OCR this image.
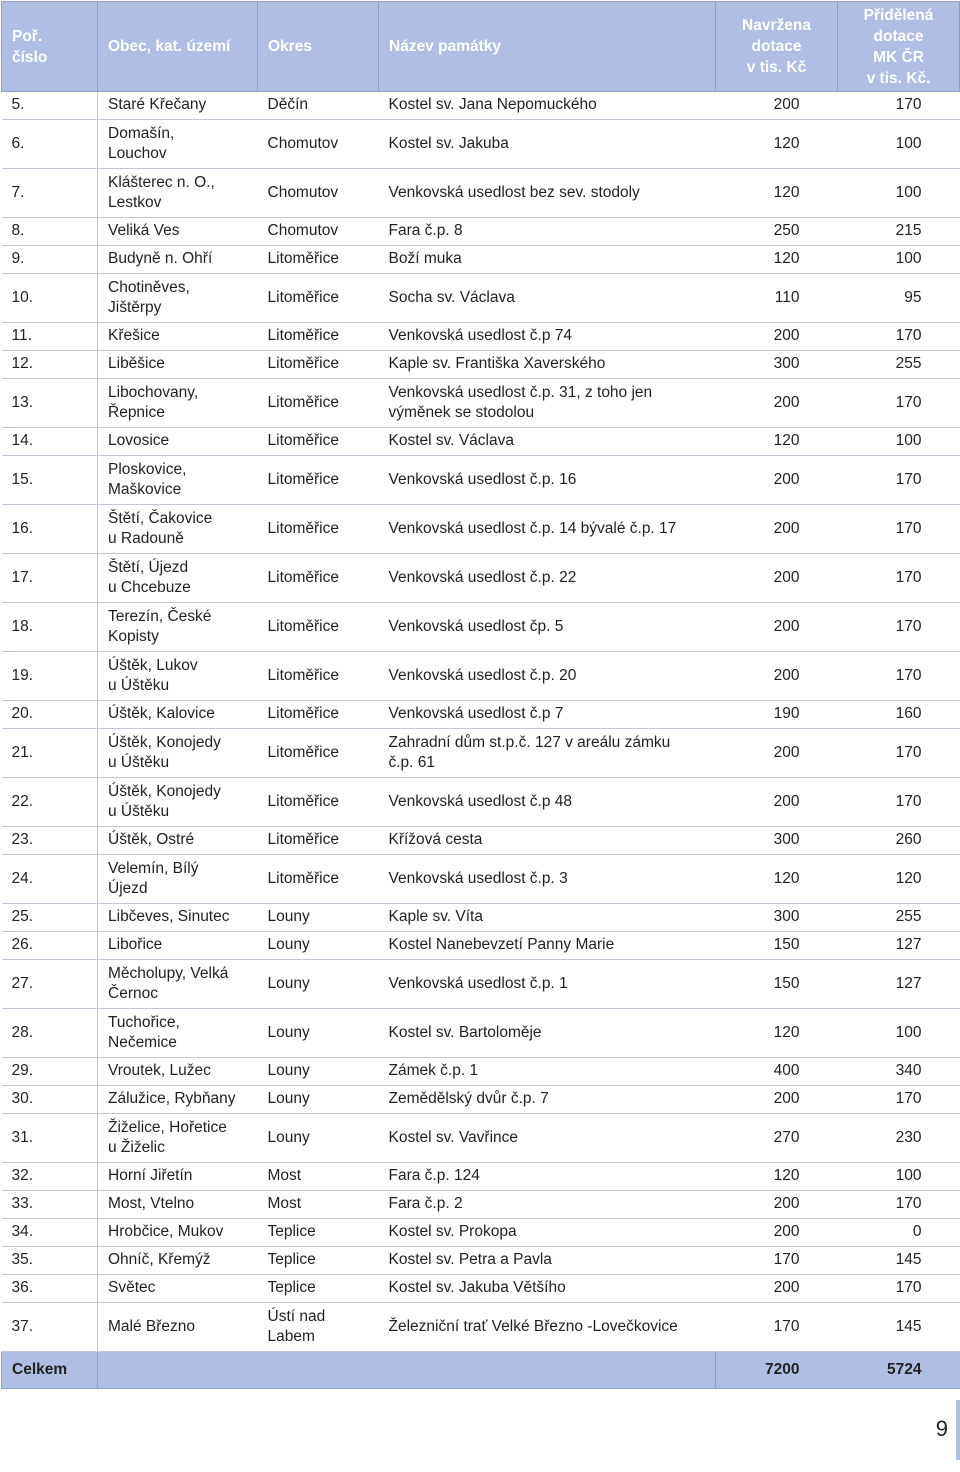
Poř.
číslo	Obec, kat. území	Okres	Název památky	Navržena
dotace
v tis. Kč	Přidělená
dotace
MK ČR
v tis. Kč.
5.	Staré Křečany	Děčín	Kostel sv. Jana Nepomuckého	200	170
6.	Domašín,
Louchov	Chomutov	Kostel sv. Jakuba	120	100
7.	Klášterec n. O.,
Lestkov	Chomutov	Venkovská usedlost bez sev. stodoly	120	100
8.	Veliká Ves	Chomutov	Fara č.p. 8	250	215
9.	Budyně n. Ohří	Litoměřice	Boží muka	120	100
10.	Chotiněves,
Jištěrpy	Litoměřice	Socha sv. Václava	110	95
11.	Křešice	Litoměřice	Venkovská usedlost č.p 74	200	170
12.	Liběšice	Litoměřice	Kaple sv. Františka Xaverského	300	255
13.	Libochovany,
Řepnice	Litoměřice	Venkovská usedlost č.p. 31, z toho jen
výměnek se stodolou	200	170
14.	Lovosice	Litoměřice	Kostel sv. Václava	120	100
15.	Ploskovice,
Maškovice	Litoměřice	Venkovská usedlost č.p. 16	200	170
16.	Štětí, Čakovice
u Radouně	Litoměřice	Venkovská usedlost č.p. 14 bývalé č.p. 17	200	170
17.	Štětí, Újezd
u Chcebuze	Litoměřice	Venkovská usedlost č.p. 22	200	170
18.	Terezín, České
Kopisty	Litoměřice	Venkovská usedlost čp. 5	200	170
19.	Úštěk, Lukov
u Úštěku	Litoměřice	Venkovská usedlost č.p. 20	200	170
20.	Úštěk, Kalovice	Litoměřice	Venkovská usedlost č.p 7	190	160
21.	Úštěk, Konojedy
u Úštěku	Litoměřice	Zahradní dům st.p.č. 127 v areálu zámku
č.p. 61	200	170
22.	Úštěk, Konojedy
u Úštěku	Litoměřice	Venkovská usedlost č.p 48	200	170
23.	Úštěk, Ostré	Litoměřice	Křížová cesta	300	260
24.	Velemín, Bílý
Újezd	Litoměřice	Venkovská usedlost č.p. 3	120	120
25.	Libčeves, Sinutec	Louny	Kaple sv. Víta	300	255
26.	Libořice	Louny	Kostel Nanebevzetí Panny Marie	150	127
27.	Měcholupy, Velká
Černoc	Louny	Venkovská usedlost č.p. 1	150	127
28.	Tuchořice,
Nečemice	Louny	Kostel sv. Bartoloměje	120	100
29.	Vroutek, Lužec	Louny	Zámek č.p. 1	400	340
30.	Zálužice, Rybňany	Louny	Zemědělský dvůr č.p. 7	200	170
31.	Žiželice, Hořetice
u Žiželic	Louny	Kostel sv. Vavřince	270	230
32.	Horní Jiřetín	Most	Fara č.p. 124	120	100
33.	Most, Vtelno	Most	Fara č.p. 2	200	170
34.	Hrobčice, Mukov	Teplice	Kostel sv. Prokopa	200	0
35.	Ohníč, Křemýž	Teplice	Kostel sv. Petra a Pavla	170	145
36.	Světec	Teplice	Kostel sv. Jakuba Většího	200	170
37.	Malé Březno	Ústí nad
Labem	Železniční trať Velké Březno -Lovečkovice	170	145
Celkem				7200	5724
9
